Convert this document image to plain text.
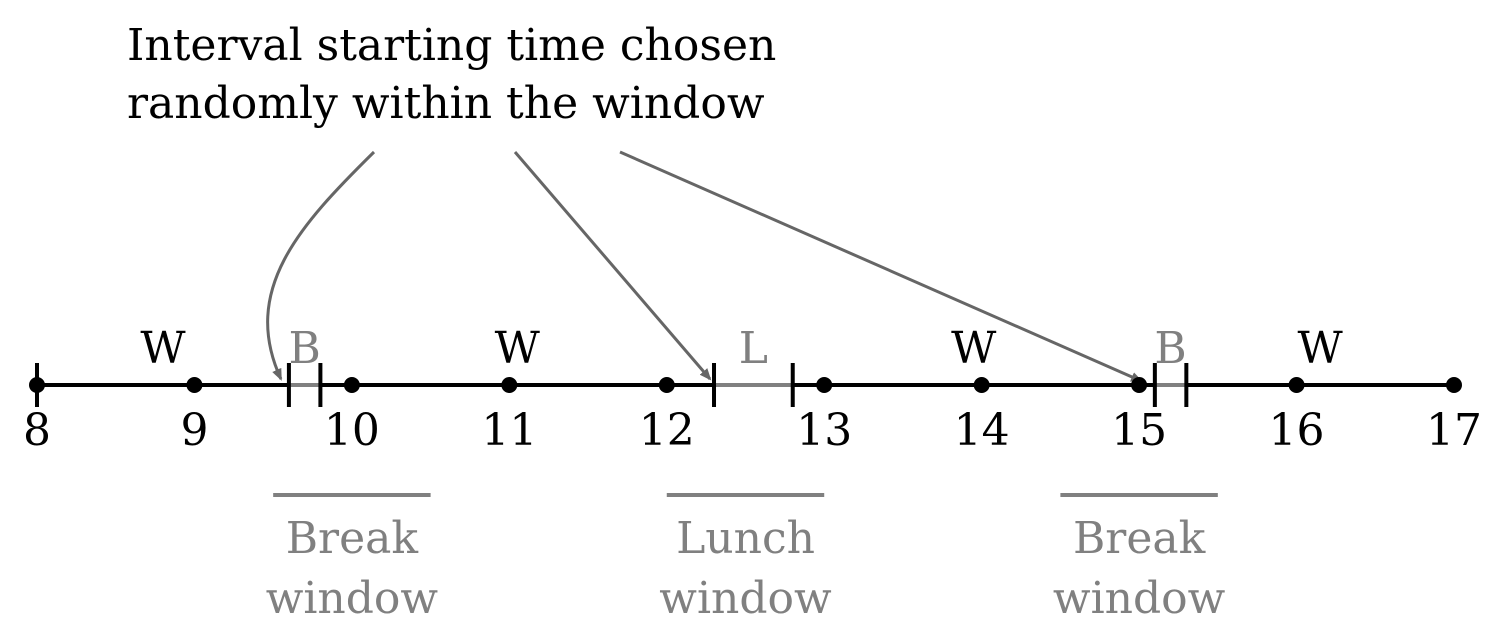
Interval starting time chosen
randomly within the window
W B	W	L	W	B	W
8	9	10 11 12 13 14 15 16 17
Break
window
Lunch
window
Break
window
